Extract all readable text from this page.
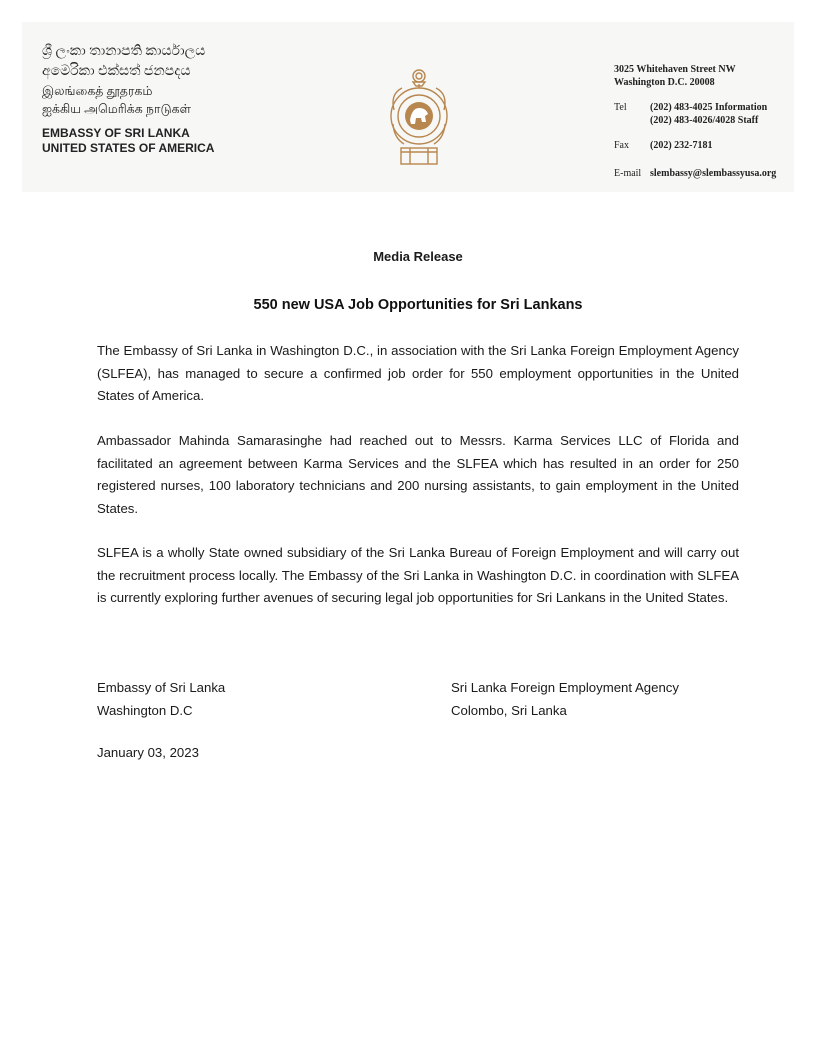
ශ්‍රී ලංකා තානාපති කාර්යාලය
අමෙරිකා එක්සත් ජනපදය
இலங்கைத் தூதரகம்
ஐக்கிய அமெரிக்க நாடுகள்
EMBASSY OF SRI LANKA
UNITED STATES OF AMERICA
3025 Whitehaven Street NW
Washington D.C. 20008
Tel	(202) 483-4025 Information
(202) 483-4026/4028 Staff
Fax	(202) 232-7181
E-mail slembassy@slembassyusa.org
Media Release
550 new USA Job Opportunities for Sri Lankans
The Embassy of Sri Lanka in Washington D.C., in association with the Sri Lanka Foreign Employment Agency (SLFEA), has managed to secure a confirmed job order for 550 employment opportunities in the United States of America.
Ambassador Mahinda Samarasinghe had reached out to Messrs. Karma Services LLC of Florida and facilitated an agreement between Karma Services and the SLFEA which has resulted in an order for 250 registered nurses, 100 laboratory technicians and 200 nursing assistants, to gain employment in the United States.
SLFEA is a wholly State owned subsidiary of the Sri Lanka Bureau of Foreign Employment and will carry out the recruitment process locally. The Embassy of the Sri Lanka in Washington D.C. in coordination with SLFEA is currently exploring further avenues of securing legal job opportunities for Sri Lankans in the United States.
Embassy of Sri Lanka
Washington D.C
Sri Lanka Foreign Employment Agency
Colombo, Sri Lanka
January 03, 2023
